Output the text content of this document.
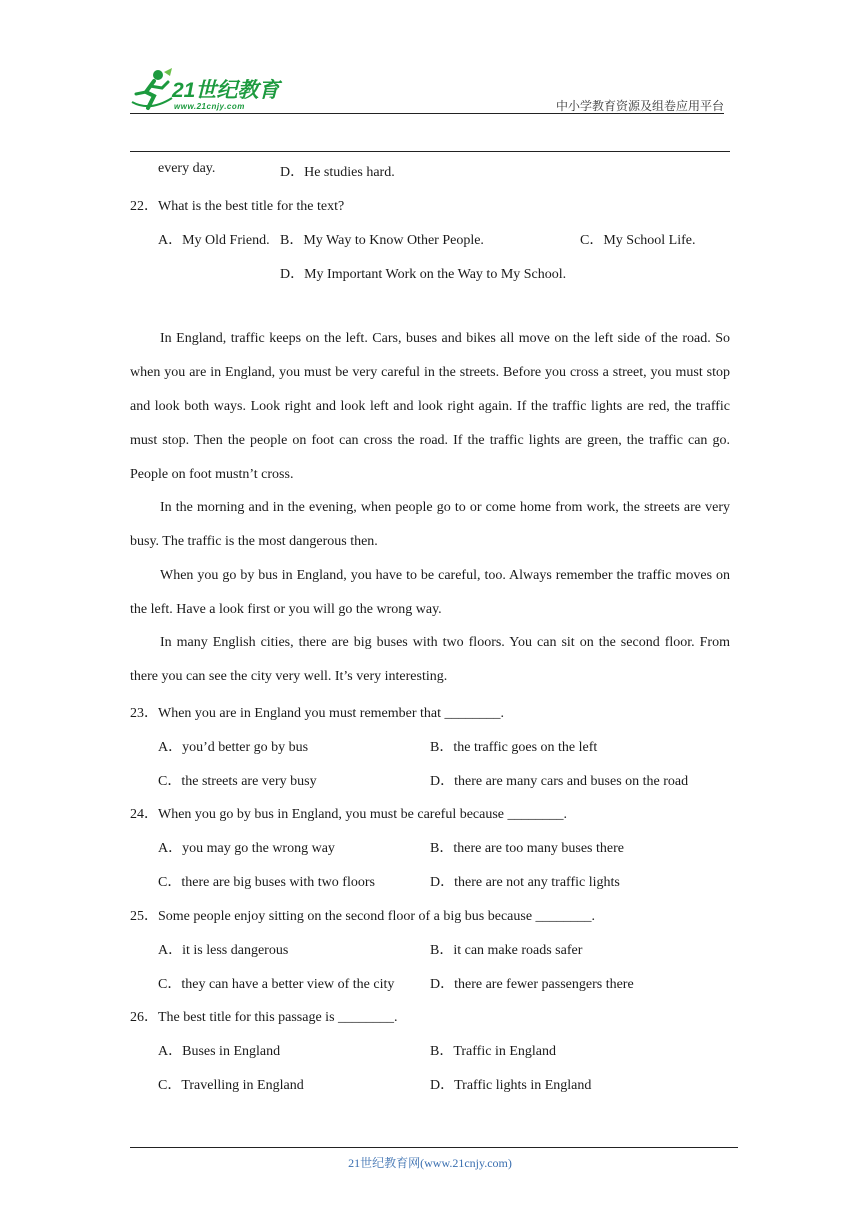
21世纪教育
www.21cnjy.com	中小学教育资源及组卷应用平台
every day.	D．He studies hard.
22．What is the best title for the text?
A．My Old Friend. B．My Way to Know Other People.	C．My School Life.
D．My Important Work on the Way to My School.

In England, traffic keeps on the left. Cars, buses and bikes all move on the left side of the road. So when you are in England, you must be very careful in the streets. Before you cross a street, you must stop and look both ways. Look right and look left and look right again. If the traffic lights are red, the traffic must stop. Then the people on foot can cross the road. If the traffic lights are green, the traffic can go. People on foot mustn’t cross.

In the morning and in the evening, when people go to or come home from work, the streets are very busy. The traffic is the most dangerous then.

When you go by bus in England, you have to be careful, too. Always remember the traffic moves on the left. Have a look first or you will go the wrong way.

In many English cities, there are big buses with two floors. You can sit on the second floor. From there you can see the city very well. It’s very interesting.

23．When you are in England you must remember that ________.
A．you’d better go by bus	B．the traffic goes on the left
C．the streets are very busy	D．there are many cars and buses on the road
24．When you go by bus in England, you must be careful because ________.
A．you may go the wrong way	B．there are too many buses there
C．there are big buses with two floors	D．there are not any traffic lights
25．Some people enjoy sitting on the second floor of a big bus because ________.
A．it is less dangerous	B．it can make roads safer
C．they can have a better view of the city	D．there are fewer passengers there
26．The best title for this passage is ________.
A．Buses in England	B．Traffic in England
C．Travelling in England	D．Traffic lights in England
21世纪教育网(www.21cnjy.com)
